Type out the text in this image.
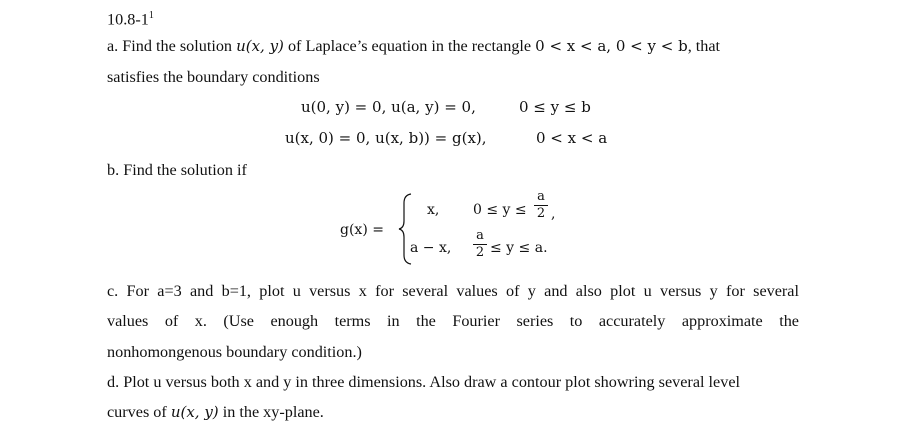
$10.8-1^1$
a. Find the solution u(x, y) of Laplace’s equation in the rectangle 0 < x < a, 0 < y < b, that
satisfies the boundary conditions
u(0, y) = 0, u(a, y) = 0,	0 ≤ y ≤ b
u(x, 0) = 0, u(x, b)) = g(x),	0 < x < a
b. Find the solution if
g(x) =
x, 0 ≤ y ≤
a
2 ,
a − x,
a
2 ≤ y ≤ a.
c. For a=3 and b=1, plot u versus x for several values of y and also plot u versus y for several
values of x. (Use enough terms in the Fourier series to accurately approximate the
nonhomongenous boundary condition.)
d. Plot u versus both x and y in three dimensions. Also draw a contour plot showring several level
curves of u(x, y) in the xy-plane.
